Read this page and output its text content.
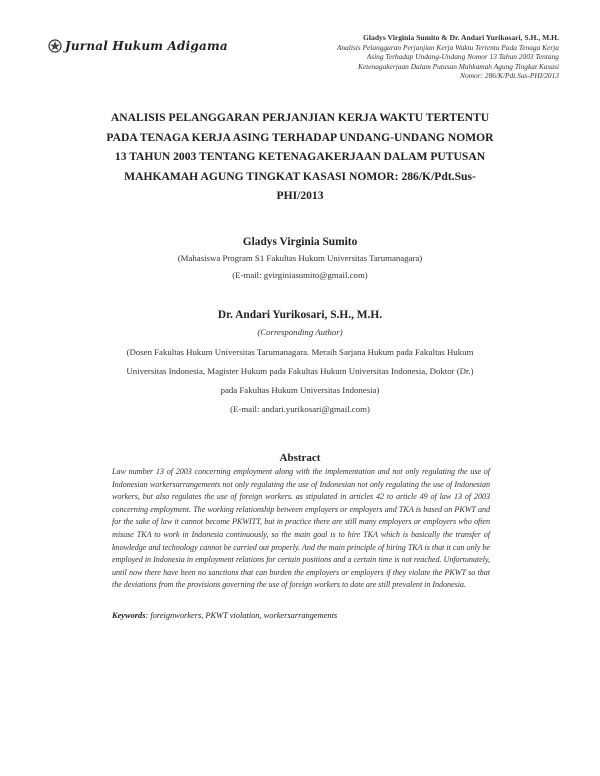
Jurnal Hukum Adigama
Gladys Virginia Sumito & Dr. Andari Yurikosari, S.H., M.H.
Analisis Pelanggaran Perjanjian Kerja Waktu Tertentu Pada Tenaga Kerja
Asing Terhadap Undang-Undang Nomor 13 Tahun 2003 Tentang
Ketenagakerjaan Dalam Putusan Mahkamah Agung Tingkat Kasasi
Nomor: 286/K/Pdt.Sus-PHI/2013
ANALISIS PELANGGARAN PERJANJIAN KERJA WAKTU TERTENTU
PADA TENAGA KERJA ASING TERHADAP UNDANG-UNDANG NOMOR
13 TAHUN 2003 TENTANG KETENAGAKERJAAN DALAM PUTUSAN
MAHKAMAH AGUNG TINGKAT KASASI NOMOR: 286/K/Pdt.Sus-
PHI/2013
Gladys Virginia Sumito
(Mahasiswa Program S1 Fakultas Hukum Universitas Tarumanagara)
(E-mail: gvirginiasumito@gmail.com)
Dr. Andari Yurikosari, S.H., M.H.
(Corresponding Author)
(Dosen Fakultas Hukum Universitas Tarumanagara. Meraih Sarjana Hukum pada Fakultas Hukum
Universitas Indonesia, Magister Hukum pada Fakultas Hukum Universitas Indonesia, Doktor (Dr.)
pada Fakultas Hukum Universitas Indonesia)
(E-mail: andari.yurikosari@gmail.com)
Abstract
Law number 13 of 2003 concerning employment along with the implementation and not only regulating the use of Indonesian workersarrangements not only regulating the use of Indonesian not only regulating the use of Indonesian workers, but also regulates the use of foreign workers. as stipulated in articles 42 to article 49 of law 13 of 2003 concerning employment. The working relationship between employers or employers and TKA is based on PKWT and for the sake of law it cannot become PKWITT, but in practice there are still many employers or employers who often misuse TKA to work in Indonesia continuously, so the main goal is to hire TKA which is basically the transfer of knowledge and technology cannot be carried out properly. And the main principle of hiring TKA is that it can only be employed in Indonesia in employment relations for certain positions and a certain time is not reached. Unfortunately, until now there have been no sanctions that can burden the employers or employers if they violate the PKWT so that the deviations from the provisions governing the use of foreign workers to date are still prevalent in Indonesia.
Keywords: foreignworkers, PKWT violation, workersarrangements
